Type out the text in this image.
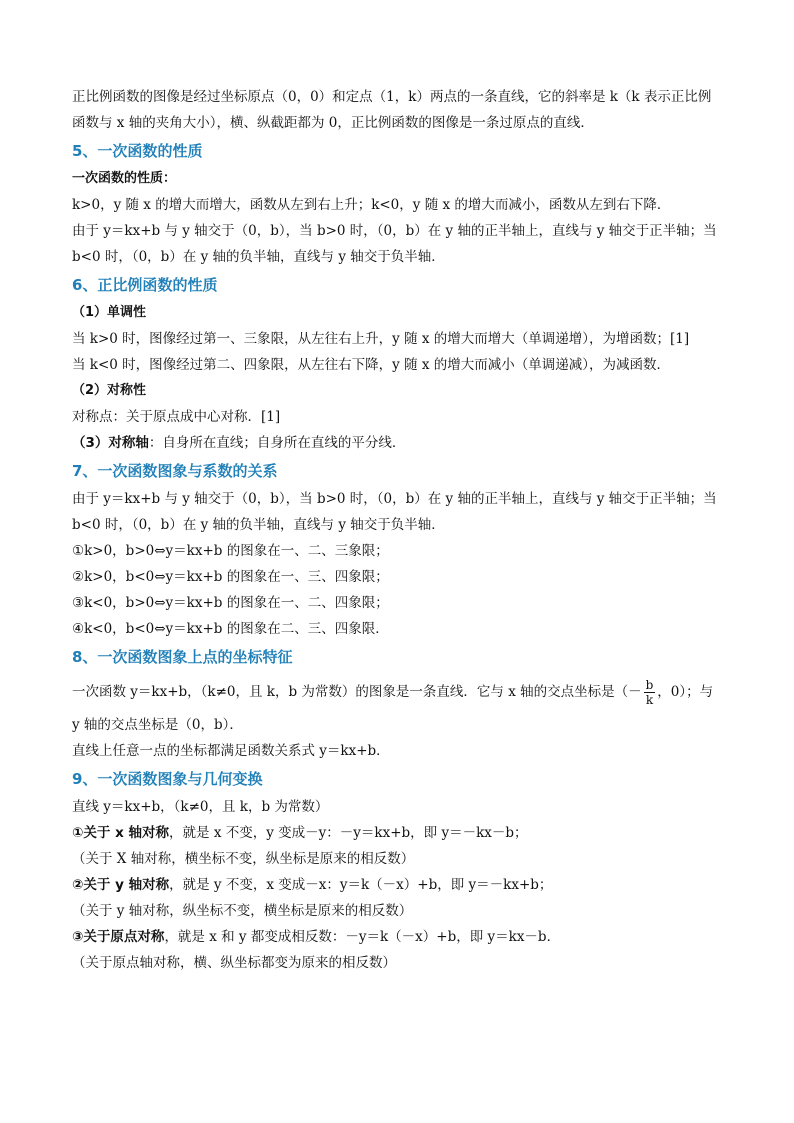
正比例函数的图像是经过坐标原点（0，0）和定点（1，k）两点的一条直线，它的斜率是 k（k 表示正比例
函数与 x 轴的夹角大小），横、纵截距都为 0，正比例函数的图像是一条过原点的直线．
5、一次函数的性质
一次函数的性质：
k>0，y 随 x 的增大而增大，函数从左到右上升；k<0，y 随 x 的增大而减小，函数从左到右下降．
由于 y＝kx+b 与 y 轴交于（0，b），当 b>0 时，（0，b）在 y 轴的正半轴上，直线与 y 轴交于正半轴；当
b<0 时，（0，b）在 y 轴的负半轴，直线与 y 轴交于负半轴．
6、正比例函数的性质
（1）单调性
当 k>0 时，图像经过第一、三象限，从左往右上升，y 随 x 的增大而增大（单调递增），为增函数；[1]
当 k<0 时，图像经过第二、四象限，从左往右下降，y 随 x 的增大而减小（单调递减），为减函数．
（2）对称性
对称点：关于原点成中心对称．[1]
（3）对称轴：自身所在直线；自身所在直线的平分线．
7、一次函数图象与系数的关系
由于 y＝kx+b 与 y 轴交于（0，b），当 b>0 时，（0，b）在 y 轴的正半轴上，直线与 y 轴交于正半轴；当
b<0 时，（0，b）在 y 轴的负半轴，直线与 y 轴交于负半轴．
①k>0，b>0⇔y＝kx+b 的图象在一、二、三象限；
②k>0，b<0⇔y＝kx+b 的图象在一、三、四象限；
③k<0，b>0⇔y＝kx+b 的图象在一、二、四象限；
④k<0，b<0⇔y＝kx+b 的图象在二、三、四象限．
8、一次函数图象上点的坐标特征
一次函数 y＝kx+b，（k≠0，且 k，b 为常数）的图象是一条直线．它与 x 轴的交点坐标是（－ $\frac{b}{k}$ ，0）；与
y 轴的交点坐标是（0，b）．
直线上任意一点的坐标都满足函数关系式 y＝kx+b．
9、一次函数图象与几何变换
直线 y＝kx+b，（k≠0，且 k，b 为常数）
①关于 x 轴对称，就是 x 不变，y 变成－y：－y＝kx+b，即 y＝－kx－b；
（关于 X 轴对称，横坐标不变，纵坐标是原来的相反数）
②关于 y 轴对称，就是 y 不变，x 变成－x：y＝k（－x）+b，即 y＝－kx+b；
（关于 y 轴对称，纵坐标不变，横坐标是原来的相反数）
③关于原点对称，就是 x 和 y 都变成相反数：－y＝k（－x）+b，即 y＝kx－b．
（关于原点轴对称，横、纵坐标都变为原来的相反数）
